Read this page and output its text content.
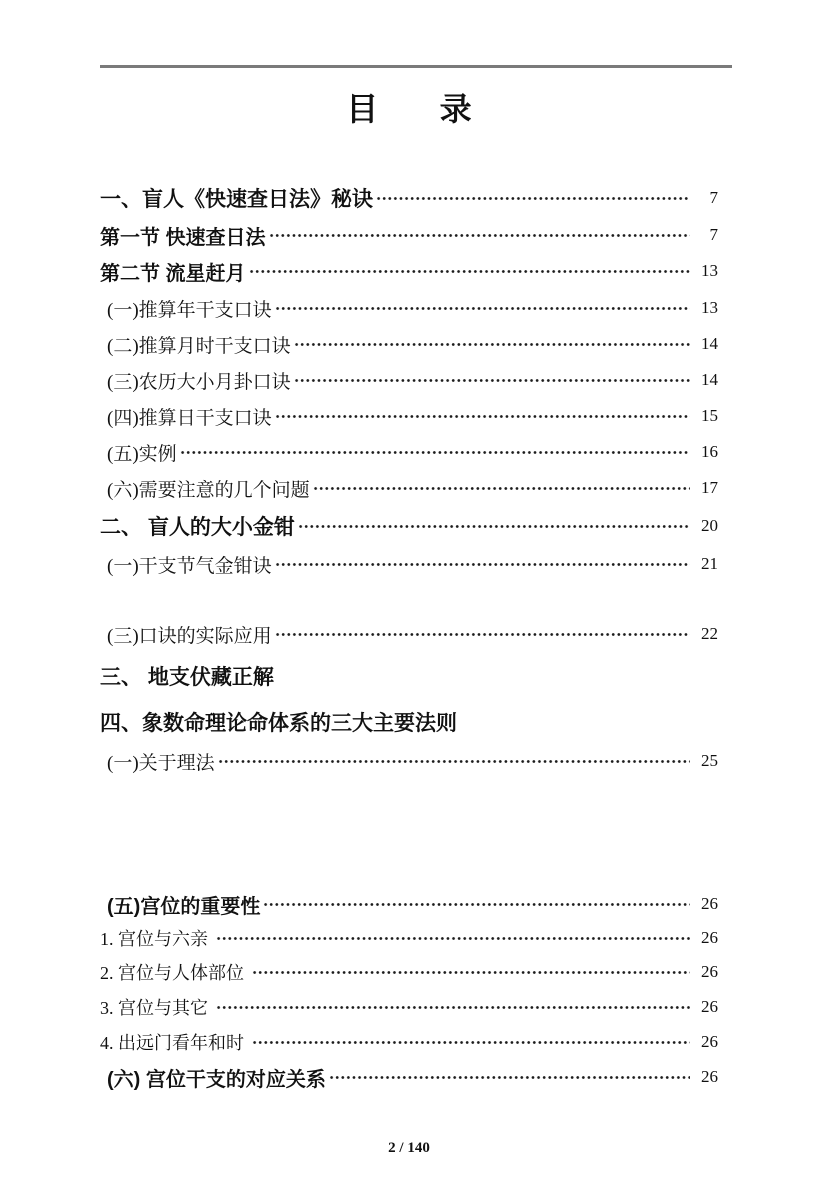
目 录
一、盲人《快速查日法》秘诀	7
第一节 快速查日法	7
第二节 流星赶月	13
(一)推算年干支口诀	13
(二)推算月时干支口诀	14
(三)农历大小月卦口诀	14
(四)推算日干支口诀	15
(五)实例	16
(六)需要注意的几个问题	17
二、 盲人的大小金钳	20
(一)干支节气金钳诀	21
(三)口诀的实际应用	22
三、 地支伏藏正解
四、象数命理论命体系的三大主要法则
(一)关于理法	25
(五)宫位的重要性	26
1. 宫位与六亲	26
2. 宫位与人体部位	26
3. 宫位与其它	26
4. 出远门看年和时	26
(六) 宫位干支的对应关系	26
2 / 140
